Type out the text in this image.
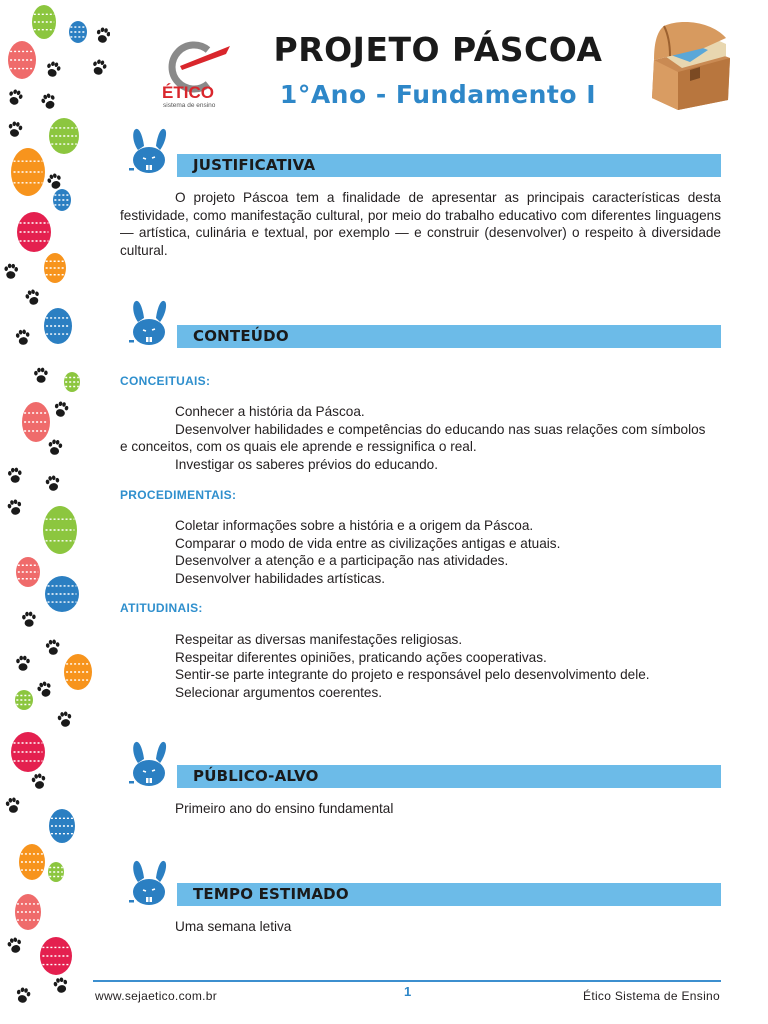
ÉTICO
sistema de ensino
PROJETO PÁSCOA
1°Ano - Fundamento I
JUSTIFICATIVA

O projeto Páscoa tem a finalidade de apresentar as principais características desta festividade, como manifestação cultural, por meio do trabalho educativo com diferentes linguagens — artística, culinária e textual, por exemplo — e construir (desenvolver) o respeito à diversidade cultural.

CONTEÚDO
CONCEITUAIS:
Conhecer a história da Páscoa.
Desenvolver habilidades e competências do educando nas suas relações com símbolos
e conceitos, com os quais ele aprende e ressignifica o real.
Investigar os saberes prévios do educando.
PROCEDIMENTAIS:
Coletar informações sobre a história e a origem da Páscoa.
Comparar o modo de vida entre as civilizações antigas e atuais.
Desenvolver a atenção e a participação nas atividades.
Desenvolver habilidades artísticas.
ATITUDINAIS:
Respeitar as diversas manifestações religiosas.
Respeitar diferentes opiniões, praticando ações cooperativas.
Sentir-se parte integrante do projeto e responsável pelo desenvolvimento dele.
Selecionar argumentos coerentes.
PÚBLICO-ALVO
Primeiro ano do ensino fundamental
TEMPO ESTIMADO
Uma semana letiva
www.sejaetico.com.br	1	Ético Sistema de Ensino
